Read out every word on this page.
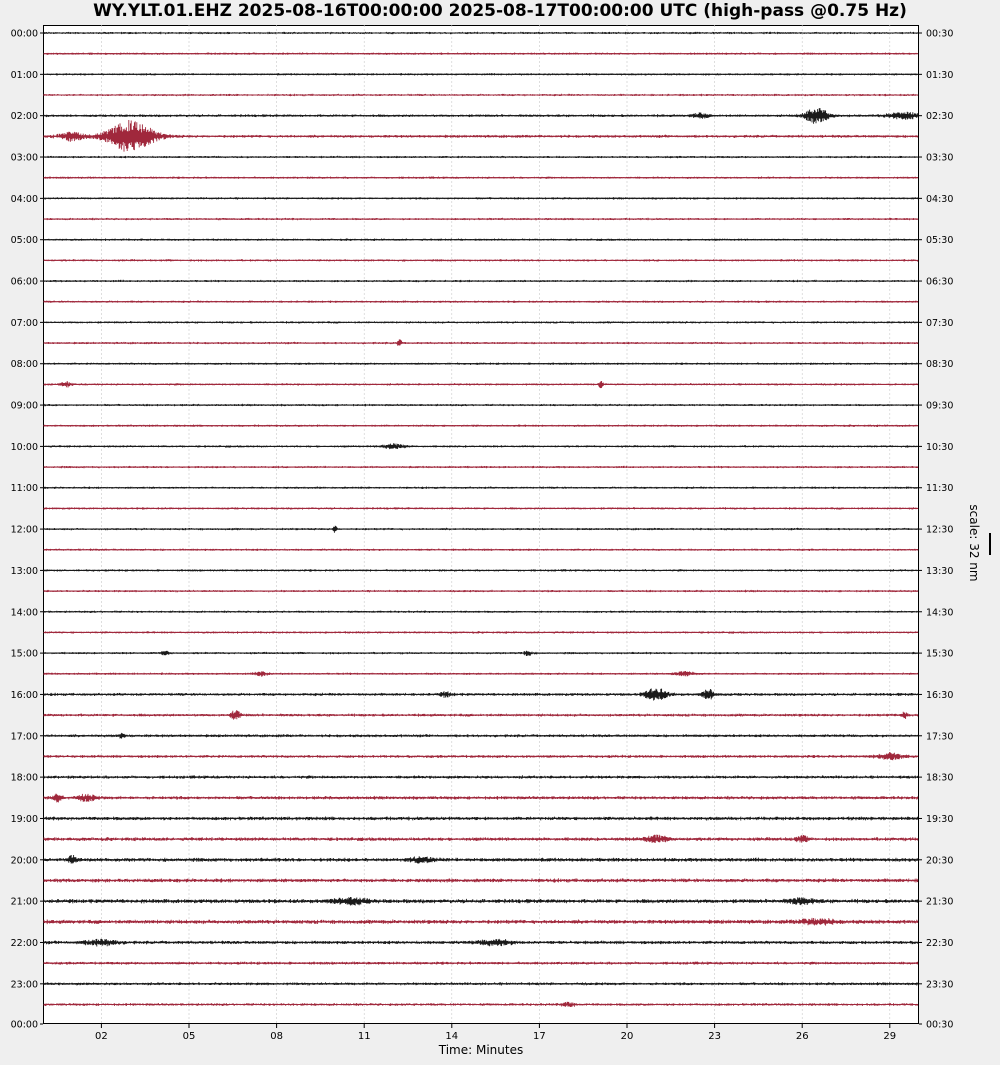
WY.YLT.01.EHZ 2025-08-16T00:00:00 2025-08-17T00:00:00 UTC (high-pass @0.75 Hz)
00:00
01:00
02:00
03:00
04:00
05:00
06:00
07:00
08:00
09:00
10:00
11:00
12:00
13:00
14:00
15:00
16:00
17:00
18:00
19:00
20:00
21:00
22:00
23:00
00:00
00:30
01:30
02:30
03:30
04:30
05:30
06:30
07:30
08:30
09:30
10:30
11:30
12:30
13:30
14:30
15:30
16:30
17:30
18:30
19:30
20:30
21:30
22:30
23:30
00:30
02	05	08	11	14	17	20	23	26	29
scale: 32 nm
Time: Minutes
